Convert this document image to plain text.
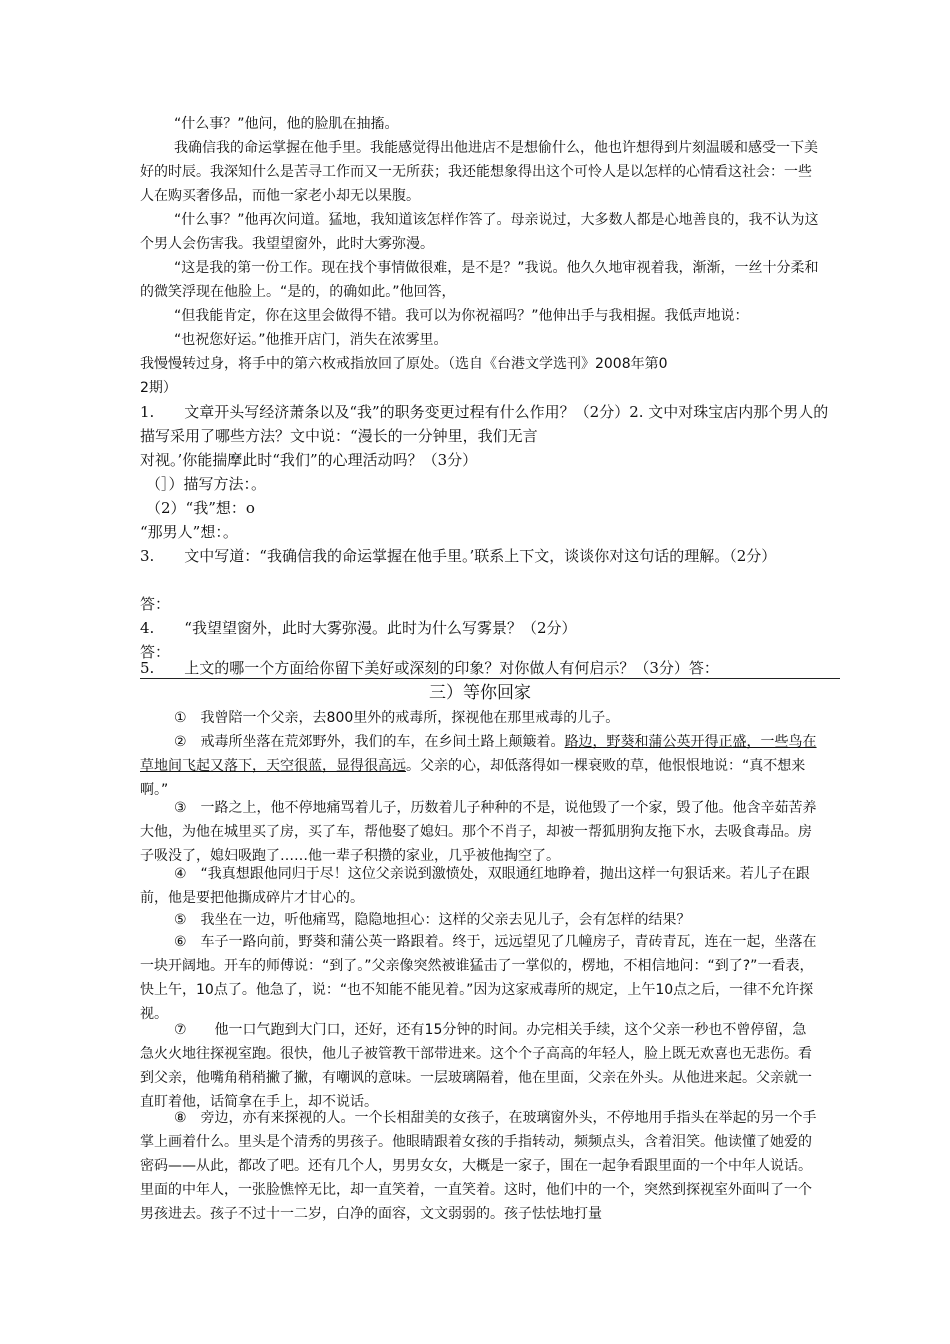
“什么事？”他问，他的脸肌在抽搐。
我确信我的命运掌握在他手里。我能感觉得出他进店不是想偷什么，他也许想得到片刻温暖和感受一下美好的时辰。我深知什么是苦寻工作而又一无所获；我还能想象得出这个可怜人是以怎样的心情看这社会：一些人在购买奢侈品，而他一家老小却无以果腹。
“什么事？”他再次问道。猛地，我知道该怎样作答了。母亲说过，大多数人都是心地善良的，我不认为这个男人会伤害我。我望望窗外，此时大雾弥漫。
“这是我的第一份工作。现在找个事情做很难，是不是？”我说。他久久地审视着我，渐渐，一丝十分柔和的微笑浮现在他脸上。“是的，的确如此。”他回答，
“但我能肯定，你在这里会做得不错。我可以为你祝福吗？”他伸出手与我相握。我低声地说：
“也祝您好运。”他推开店门，消失在浓雾里。
我慢慢转过身，将手中的第六枚戒指放回了原处。（选自《台港文学选刊》2008年第0
2期）
1.　　文章开头写经济萧条以及“我”的职务变更过程有什么作用？（2分）2. 文中对珠宝店内那个男人的描写采用了哪些方法？文中说：“漫长的一分钟里，我们无言
对视。’你能揣摩此时“我们”的心理活动吗？（3分）
（］）描写方法：。
（2）“我”想：o
“那男人”想：。
3.　　文中写道：“我确信我的命运掌握在他手里。’联系上下文，谈谈你对这句话的理解。（2分）
答：
4.　　“我望望窗外，此时大雾弥漫。此时为什么写雾景？（2分）
答：
5.　　上文的哪一个方面给你留下美好或深刻的印象？对你做人有何启示？（3分）答：
三）等你回家
①　我曾陪一个父亲，去800里外的戒毒所，探视他在那里戒毒的儿子。
②　戒毒所坐落在荒郊野外，我们的车，在乡间土路上颠簸着。路边，野葵和蒲公英开得正盛，一些鸟在草地间飞起又落下，天空很蓝，显得很高远。父亲的心，却低落得如一棵衰败的草，他恨恨地说：“真不想来啊。”
③　一路之上，他不停地痛骂着儿子，历数着儿子种种的不是，说他毁了一个家，毁了他。他含辛茹苦养大他，为他在城里买了房，买了车，帮他娶了媳妇。那个不肖子，却被一帮狐朋狗友拖下水，去吸食毒品。房子吸没了，媳妇吸跑了……他一辈子积攒的家业，几乎被他掏空了。
④　“我真想跟他同归于尽！这位父亲说到激愤处，双眼通红地睁着，抛出这样一句狠话来。若儿子在跟前，他是要把他撕成碎片才甘心的。
⑤　我坐在一边，听他痛骂，隐隐地担心：这样的父亲去见儿子，会有怎样的结果？
⑥　车子一路向前，野葵和蒲公英一路跟着。终于，远远望见了几幢房子，青砖青瓦，连在一起，坐落在一块开阔地。开车的师傅说：“到了。”父亲像突然被谁猛击了一掌似的，楞地，不相信地问：“到了?”一看表，快上午，10点了。他急了，说：“也不知能不能见着。”因为这家戒毒所的规定，上午10点之后，一律不允许探视。
⑦　　他一口气跑到大门口，还好，还有15分钟的时间。办完相关手续，这个父亲一秒也不曾停留，急急火火地往探视室跑。很快，他儿子被管教干部带进来。这个个子高高的年轻人，脸上既无欢喜也无悲伤。看到父亲，他嘴角稍稍撇了撇，有嘲讽的意味。一层玻璃隔着，他在里面，父亲在外头。从他进来起。父亲就一直盯着他，话简拿在手上，却不说话。
⑧　旁边，亦有来探视的人。一个长相甜美的女孩子，在玻璃窗外头，不停地用手指头在举起的另一个手掌上画着什么。里头是个清秀的男孩子。他眼睛跟着女孩的手指转动，频频点头，含着泪笑。他读懂了她爱的密码——从此，都改了吧。还有几个人，男男女女，大概是一家子，围在一起争看跟里面的一个中年人说话。里面的中年人，一张脸憔悴无比，却一直笑着，一直笑着。这时，他们中的一个，突然到探视室外面叫了一个男孩进去。孩子不过十一二岁，白净的面容，文文弱弱的。孩子怯怯地打量
